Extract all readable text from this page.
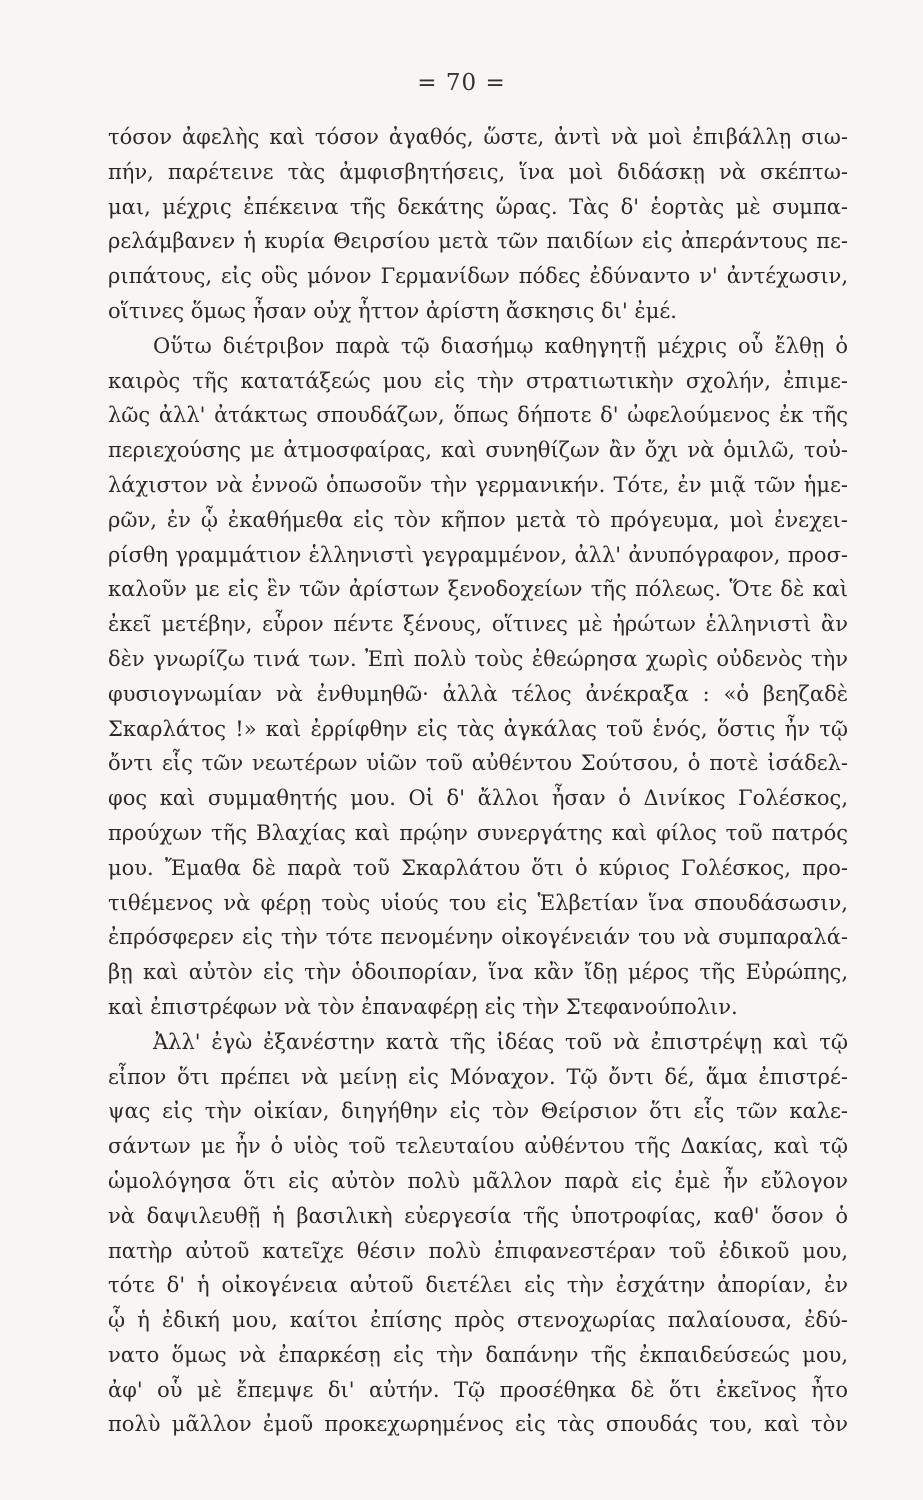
= 70 =
τόσον ἀφελὴς καὶ τόσον ἀγαθός, ὥστε, ἀντὶ νὰ μοὶ ἐπιβάλλῃ σιω-
πήν, παρέτεινε τὰς ἀμφισβητήσεις, ἵνα μοὶ διδάσκῃ νὰ σκέπτω-
μαι, μέχρις ἐπέκεινα τῆς δεκάτης ὥρας. Τὰς δ' ἑορτὰς μὲ συμπα-
ρελάμβανεν ἡ κυρία Θειρσίου μετὰ τῶν παιδίων εἰς ἀπεράντους πε-
ριπάτους, εἰς οὓς μόνον Γερμανίδων πόδες ἐδύναντο ν' ἀντέχωσιν,
οἵτινες ὅμως ἦσαν οὐχ ἧττον ἀρίστη ἄσκησις δι' ἐμέ.
Οὕτω διέτριβον παρὰ τῷ διασήμῳ καθηγητῇ μέχρις οὗ ἔλθῃ ὁ
καιρὸς τῆς κατατάξεώς μου εἰς τὴν στρατιωτικὴν σχολήν, ἐπιμε-
λῶς ἀλλ' ἀτάκτως σπουδάζων, ὅπως δήποτε δ' ὠφελούμενος ἐκ τῆς
περιεχούσης με ἀτμοσφαίρας, καὶ συνηθίζων ἂν ὄχι νὰ ὁμιλῶ, τοὐ-
λάχιστον νὰ ἐννοῶ ὁπωσοῦν τὴν γερμανικήν. Τότε, ἐν μιᾷ τῶν ἡμε-
ρῶν, ἐν ᾧ ἐκαθήμεθα εἰς τὸν κῆπον μετὰ τὸ πρόγευμα, μοὶ ἐνεχει-
ρίσθη γραμμάτιον ἑλληνιστὶ γεγραμμένον, ἀλλ' ἀνυπόγραφον, προσ-
καλοῦν με εἰς ἓν τῶν ἀρίστων ξενοδοχείων τῆς πόλεως. Ὅτε δὲ καὶ
ἐκεῖ μετέβην, εὗρον πέντε ξένους, οἵτινες μὲ ἠρώτων ἑλληνιστὶ ἂν
δὲν γνωρίζω τινά των. Ἐπὶ πολὺ τοὺς ἐθεώρησα χωρὶς οὐδενὸς τὴν
φυσιογνωμίαν νὰ ἐνθυμηθῶ· ἀλλὰ τέλος ἀνέκραξα : «ὁ βεηζαδὲ
Σκαρλάτος !» καὶ ἐρρίφθην εἰς τὰς ἀγκάλας τοῦ ἑνός, ὅστις ἦν τῷ
ὄντι εἷς τῶν νεωτέρων υἱῶν τοῦ αὐθέντου Σούτσου, ὁ ποτὲ ἰσάδελ-
φος καὶ συμμαθητής μου. Οἱ δ' ἄλλοι ἦσαν ὁ Δινίκος Γολέσκος,
προύχων τῆς Βλαχίας καὶ πρῴην συνεργάτης καὶ φίλος τοῦ πατρός
μου. Ἔμαθα δὲ παρὰ τοῦ Σκαρλάτου ὅτι ὁ κύριος Γολέσκος, προ-
τιθέμενος νὰ φέρῃ τοὺς υἱούς του εἰς Ἑλβετίαν ἵνα σπουδάσωσιν,
ἐπρόσφερεν εἰς τὴν τότε πενομένην οἰκογένειάν του νὰ συμπαραλά-
βῃ καὶ αὐτὸν εἰς τὴν ὁδοιπορίαν, ἵνα κἂν ἴδῃ μέρος τῆς Εὐρώπης,
καὶ ἐπιστρέφων νὰ τὸν ἐπαναφέρῃ εἰς τὴν Στεφανούπολιν.
Ἀλλ' ἐγὼ ἐξανέστην κατὰ τῆς ἰδέας τοῦ νὰ ἐπιστρέψῃ καὶ τῷ
εἶπον ὅτι πρέπει νὰ μείνῃ εἰς Μόναχον. Τῷ ὄντι δέ, ἅμα ἐπιστρέ-
ψας εἰς τὴν οἰκίαν, διηγήθην εἰς τὸν Θείρσιον ὅτι εἷς τῶν καλε-
σάντων με ἦν ὁ υἱὸς τοῦ τελευταίου αὐθέντου τῆς Δακίας, καὶ τῷ
ὡμολόγησα ὅτι εἰς αὐτὸν πολὺ μᾶλλον παρὰ εἰς ἐμὲ ἦν εὔλογον
νὰ δαψιλευθῇ ἡ βασιλικὴ εὐεργεσία τῆς ὑποτροφίας, καθ' ὅσον ὁ
πατὴρ αὐτοῦ κατεῖχε θέσιν πολὺ ἐπιφανεστέραν τοῦ ἐδικοῦ μου,
τότε δ' ἡ οἰκογένεια αὐτοῦ διετέλει εἰς τὴν ἐσχάτην ἀπορίαν, ἐν
ᾧ ἡ ἐδική μου, καίτοι ἐπίσης πρὸς στενοχωρίας παλαίουσα, ἐδύ-
νατο ὅμως νὰ ἐπαρκέσῃ εἰς τὴν δαπάνην τῆς ἐκπαιδεύσεώς μου,
ἀφ' οὗ μὲ ἔπεμψε δι' αὐτήν. Τῷ προσέθηκα δὲ ὅτι ἐκεῖνος ἦτο
πολὺ μᾶλλον ἐμοῦ προκεχωρημένος εἰς τὰς σπουδάς του, καὶ τὸν
